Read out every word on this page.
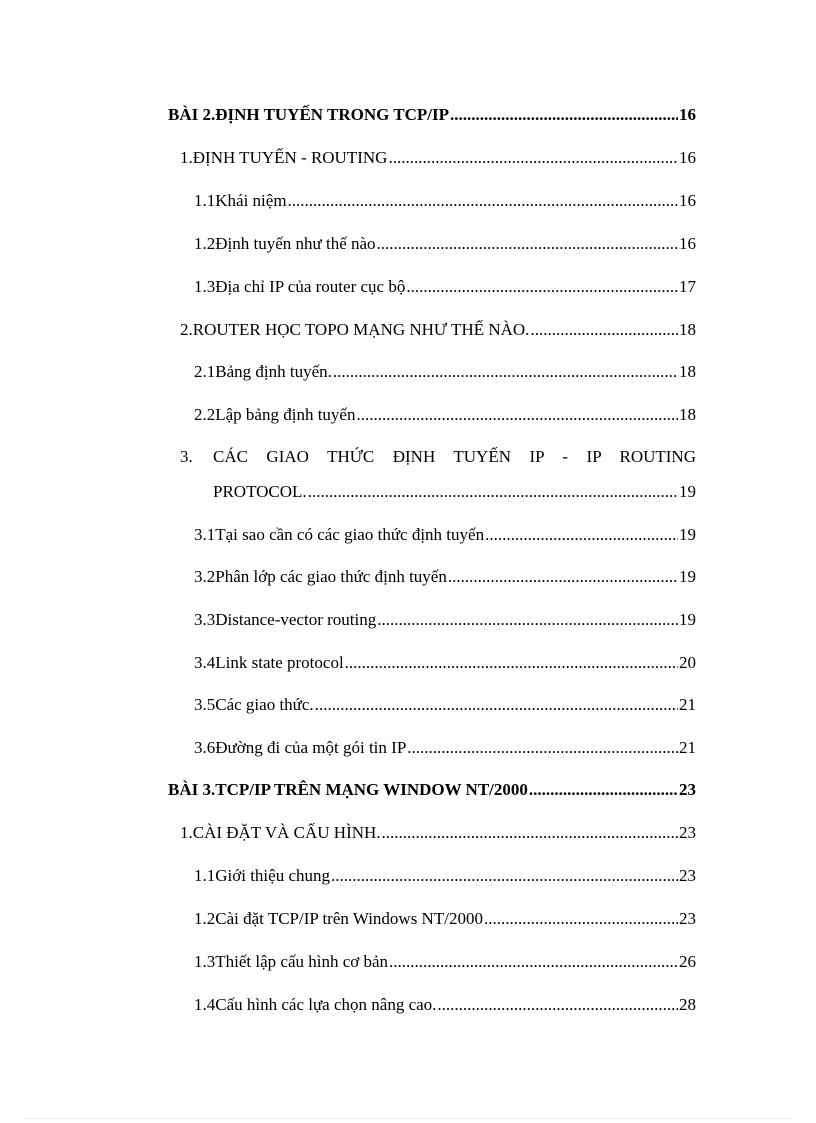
BÀI 2. ĐỊNH TUYẾN TRONG TCP/IP .....	16
1. ĐỊNH TUYẾN - ROUTING .....	16
1.1 Khái niệm .....	16
1.2 Định tuyến như thế nào .....	16
1.3 Địa chỉ IP của router cục bộ .....	17
2. ROUTER HỌC TOPO MẠNG NHƯ THẾ NÀO. .....	18
2.1 Bảng định tuyến. .....	18
2.2 Lập bảng định tuyến .....	18
3.	CÁC GIAO THỨC ĐỊNH TUYẾN IP - IP ROUTING
PROTOCOL. .....	19
3.1 Tại sao cần có các giao thức định tuyến .....	19
3.2 Phân lớp các giao thức định tuyến .....	19
3.3 Distance-vector routing .....	19
3.4 Link state protocol .....	20
3.5 Các giao thức. .....	21
3.6 Đường đi của một gói tin IP .....	21
BÀI 3. TCP/IP TRÊN MẠNG WINDOW NT/2000 .....	23
1. CÀI ĐẶT VÀ CẤU HÌNH. .....	23
1.1 Giới thiệu chung .....	23
1.2 Cài đặt TCP/IP trên Windows NT/2000 .....	23
1.3 Thiết lập cấu hình cơ bản .....	26
1.4 Cấu hình các lựa chọn nâng cao. .....	28
